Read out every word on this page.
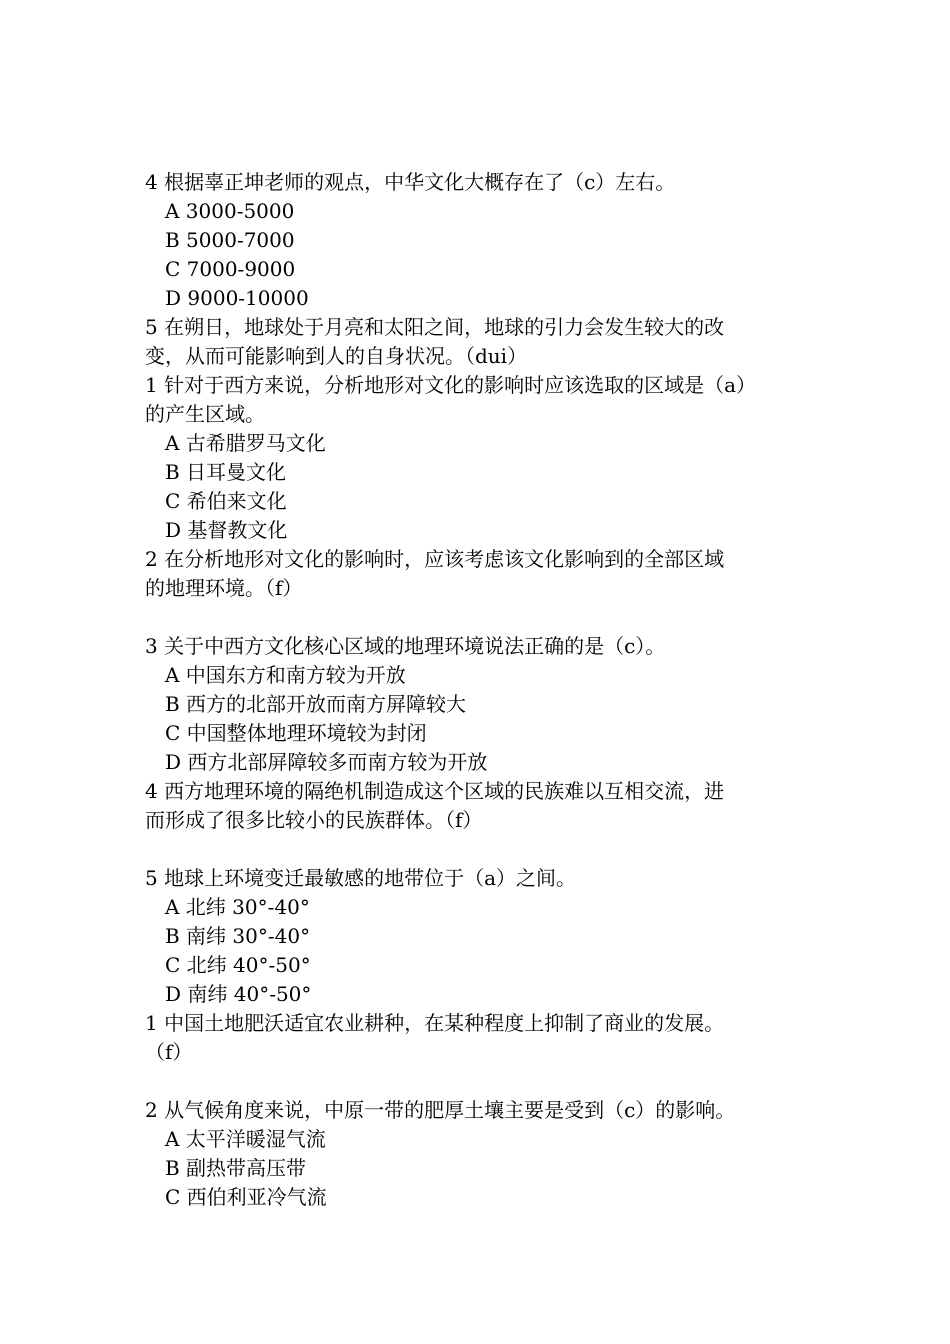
4 根据辜正坤老师的观点，中华文化大概存在了（c）左右。
A 3000-5000
B 5000-7000
C 7000-9000
D 9000-10000
5 在朔日，地球处于月亮和太阳之间，地球的引力会发生较大的改
变，从而可能影响到人的自身状况。（dui）
1 针对于西方来说，分析地形对文化的影响时应该选取的区域是（a）
的产生区域。
A 古希腊罗马文化
B 日耳曼文化
C 希伯来文化
D 基督教文化
2 在分析地形对文化的影响时，应该考虑该文化影响到的全部区域
的地理环境。（f）
3 关于中西方文化核心区域的地理环境说法正确的是（c）。
A 中国东方和南方较为开放
B 西方的北部开放而南方屏障较大
C 中国整体地理环境较为封闭
D 西方北部屏障较多而南方较为开放
4 西方地理环境的隔绝机制造成这个区域的民族难以互相交流，进
而形成了很多比较小的民族群体。（f）
5 地球上环境变迁最敏感的地带位于（a）之间。
A 北纬 30°-40°
B 南纬 30°-40°
C 北纬 40°-50°
D 南纬 40°-50°
1 中国土地肥沃适宜农业耕种，在某种程度上抑制了商业的发展。
（f）
2 从气候角度来说，中原一带的肥厚土壤主要是受到（c）的影响。
A 太平洋暖湿气流
B 副热带高压带
C 西伯利亚冷气流
